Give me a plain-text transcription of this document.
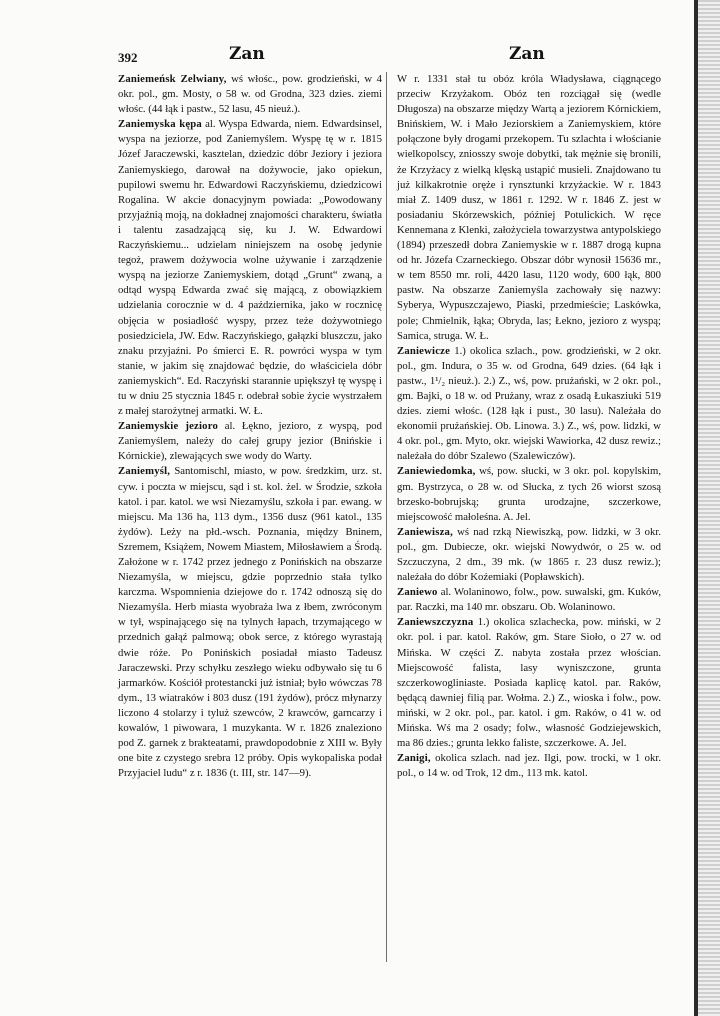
392	Zan	Zan

Zaniemeńsk Zelwiany, wś włośc., pow. grodzieński, w 4 okr. pol., gm. Mosty, o 58 w. od Grodna, 323 dzies. ziemi włośc. (44 łąk i pastw., 52 lasu, 45 nieuż.).

Zaniemyska kępa al. Wyspa Edwarda, niem. Edwardsinsel, wyspa na jeziorze, pod Zaniemyślem. Wyspę tę w r. 1815 Józef Jaraczewski, kasztelan, dziedzic dóbr Jeziory i jeziora Zaniemyskiego, darował na dożywocie, jako opiekun, pupilowi swemu hr. Edwardowi Raczyńskiemu, dziedzicowi Rogalina. W akcie donacyjnym powiada: „Powodowany przyjaźnią moją, na dokładnej znajomości charakteru, światła i talentu zasadzającą się, ku J. W. Edwardowi Raczyńskiemu... udzielam niniejszem na osobę jedynie tegoż, prawem dożywocia wolne używanie i zarządzenie wyspą na jeziorze Zaniemyskiem, dotąd „Grunt“ zwaną, a odtąd wyspą Edwarda zwać się mającą, z obowiązkiem udzielania corocznie w d. 4 października, jako w rocznicę objęcia w posiadłość wyspy, przez teże dożywotniego posiedziciela, JW. Edw. Raczyńskiego, gałązki bluszczu, jako znaku przyjaźni. Po śmierci E. R. powróci wyspa w tym stanie, w jakim się znajdować będzie, do właściciela dóbr zaniemyskich“. Ed. Raczyński starannie upiększył tę wyspę i tu w dniu 25 stycznia 1845 r. odebrał sobie życie wystrzałem z małej starożytnej armatki. W. Ł.

Zaniemyskie jezioro al. Łękno, jezioro, z wyspą, pod Zaniemyślem, należy do całej grupy jezior (Bnińskie i Kórnickie), zlewających swe wody do Warty.

Zaniemyśl, Santomischl, miasto, w pow. średzkim, urz. st. cyw. i poczta w miejscu, sąd i st. kol. żel. w Środzie, szkoła katol. i par. katol. we wsi Niezamyślu, szkoła i par. ewang. w miejscu. Ma 136 ha, 113 dym., 1356 dusz (961 katol., 135 żydów). Leży na płd.-wsch. Poznania, między Bninem, Szremem, Książem, Nowem Miastem, Miłosławiem a Środą. Założone w r. 1742 przez jednego z Ponińskich na obszarze Niezamyśla, w miejscu, gdzie poprzednio stała tylko karczma. Wspomnienia dziejowe do r. 1742 odnoszą się do Niezamyśla. Herb miasta wyobraża lwa z łbem, zwróconym w tył, wspinającego się na tylnych łapach, trzymającego w przednich gałąź palmową; obok serce, z którego wyrastają dwie róże. Po Ponińskich posiadał miasto Tadeusz Jaraczewski. Przy schyłku zeszłego wieku odbywało się tu 6 jarmarków. Kościół protestancki już istniał; było wówczas 78 dym., 13 wiatraków i 803 dusz (191 żydów), prócz młynarzy liczono 4 stolarzy i tyluż szewców, 2 krawców, garncarzy i kowalów, 1 piwowara, 1 muzykanta. W r. 1826 znaleziono pod Z. garnek z brakteatami, prawdopodobnie z XIII w. Były one bite z czystego srebra 12 próby. Opis wykopaliska podał Przyjaciel ludu“ z r. 1836 (t. III, str. 147—9).

W r. 1331 stał tu obóz króla Władysława, ciągnącego przeciw Krzyżakom. Obóz ten rozciągał się (wedle Długosza) na obszarze między Wartą a jeziorem Kórnickiem, Bnińskiem, W. i Mało Jeziorskiem a Zaniemyskiem, które połączone były drogami przekopem. Tu szlachta i włościanie wielkopolscy, zniosszy swoje dobytki, tak mężnie się bronili, że Krzyżacy z wielką klęską ustąpić musieli. Znajdowano tu już kilkakrotnie oręże i rynsztunki krzyżackie. W r. 1843 miał Z. 1409 dusz, w 1861 r. 1292. W r. 1846 Z. jest w posiadaniu Skórzewskich, później Potulickich. W ręce Kennemana z Klenki, założyciela towarzystwa antypolskiego (1894) przeszedł dobra Zaniemyskie w r. 1887 drogą kupna od hr. Józefa Czarneckiego. Obszar dóbr wynosił 15636 mr., w tem 8550 mr. roli, 4420 lasu, 1120 wody, 600 łąk, 800 pastw. Na obszarze Zaniemyśla zachowały się nazwy: Syberya, Wypuszczajewo, Piaski, przedmieście; Laskówka, pole; Chmielnik, łąka; Obryda, las; Łekno, jezioro z wyspą; Samica, struga. W. Ł.

Zaniewicze 1.) okolica szlach., pow. grodzieński, w 2 okr. pol., gm. Indura, o 35 w. od Grodna, 649 dzies. (64 łąk i pastw., 1¹/₂ nieuż.). 2.) Z., wś, pow. prużański, w 2 okr. pol., gm. Bajki, o 18 w. od Prużany, wraz z osadą Łukasziuki 519 dzies. ziemi włośc. (128 łąk i pust., 30 lasu). Należała do ekonomii prużańskiej. Ob. Linowa. 3.) Z., wś, pow. lidzki, w 4 okr. pol., gm. Myto, okr. wiejski Wawiorka, 42 dusz rewiz.; należała do dóbr Szalewo (Szalewiczów).

Zaniewiedomka, wś, pow. słucki, w 3 okr. pol. kopylskim, gm. Bystrzyca, o 28 w. od Słucka, z tych 26 wiorst szosą brzesko-bobrujską; grunta urodzajne, szczerkowe, miejscowość małoleśna. A. Jel.

Zaniewisza, wś nad rzką Niewiszką, pow. lidzki, w 3 okr. pol., gm. Dubiecze, okr. wiejski Nowydwór, o 25 w. od Szczuczyna, 2 dm., 39 mk. (w 1865 r. 23 dusz rewiz.); należała do dóbr Koźemiaki (Popławskich).

Zaniewo al. Wolaninowo, folw., pow. suwalski, gm. Kuków, par. Raczki, ma 140 mr. obszaru. Ob. Wolaninowo.

Zaniewszczyzna 1.) okolica szlachecka, pow. miński, w 2 okr. pol. i par. katol. Raków, gm. Stare Sioło, o 27 w. od Mińska. W części Z. nabyta została przez włościan. Miejscowość falista, lasy wyniszczone, grunta szczerkowogliniaste. Posiada kaplicę katol. par. Raków, będącą dawniej filią par. Wołma. 2.) Z., wioska i folw., pow. miński, w 2 okr. pol., par. katol. i gm. Raków, o 41 w. od Mińska. Wś ma 2 osady; folw., własność Godziejewskich, ma 86 dzies.; grunta lekko faliste, szczerkowe. A. Jel.

Zanigi, okolica szlach. nad jez. Ilgi, pow. trocki, w 1 okr. pol., o 14 w. od Trok, 12 dm., 113 mk. katol.
